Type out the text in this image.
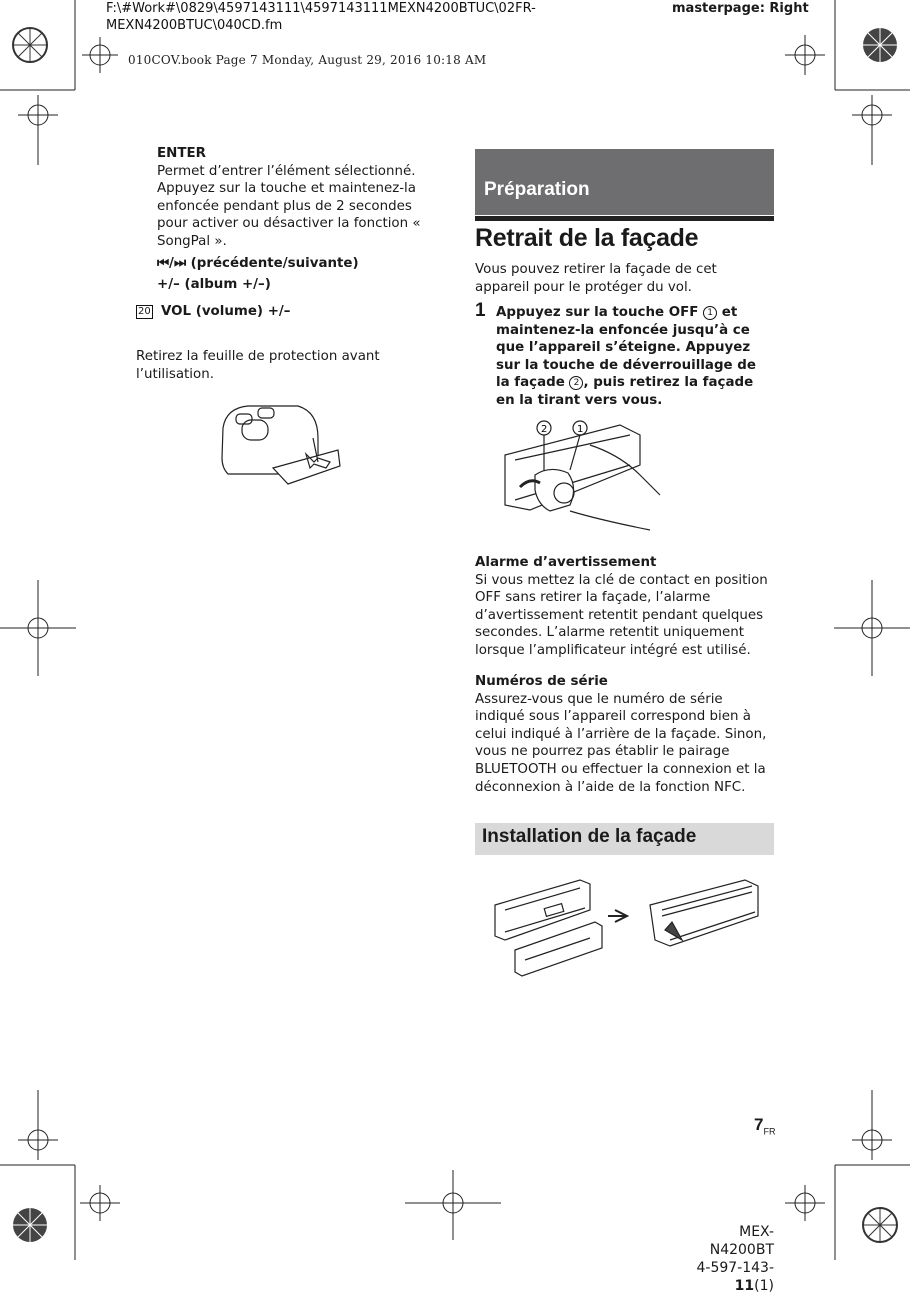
F:\#Work#\0829\4597143111\4597143111MEXN4200BTUC\02FR-
MEXN4200BTUC\040CD.fm
masterpage: Right
010COV.book Page 7 Monday, August 29, 2016 10:18 AM
ENTER
Permet d’entrer l’élément sélectionné. Appuyez sur la touche et maintenez-la enfoncée pendant plus de 2 secondes pour activer ou désactiver la fonction « SongPal ».
⏮/⏭ (précédente/suivante)
+/– (album +/–)
20 VOL (volume) +/–
Retirez la feuille de protection avant l’utilisation.
Préparation
Retrait de la façade
Vous pouvez retirer la façade de cet appareil pour le protéger du vol.
1 Appuyez sur la touche OFF 1 et maintenez-la enfoncée jusqu’à ce que l’appareil s’éteigne. Appuyez sur la touche de déverrouillage de la façade 2 , puis retirez la façade en la tirant vers vous.
2	1
Alarme d’avertissement
Si vous mettez la clé de contact en position OFF sans retirer la façade, l’alarme d’avertissement retentit pendant quelques secondes. L’alarme retentit uniquement lorsque l’amplificateur intégré est utilisé.
Numéros de série
Assurez-vous que le numéro de série indiqué sous l’appareil correspond bien à celui indiqué à l’arrière de la façade. Sinon, vous ne pourrez pas établir le pairage BLUETOOTH ou effectuer la connexion et la déconnexion à l’aide de la fonction NFC.
Installation de la façade
$7_{FR}$
MEX-N4200BT
4-597-143-11(1)
